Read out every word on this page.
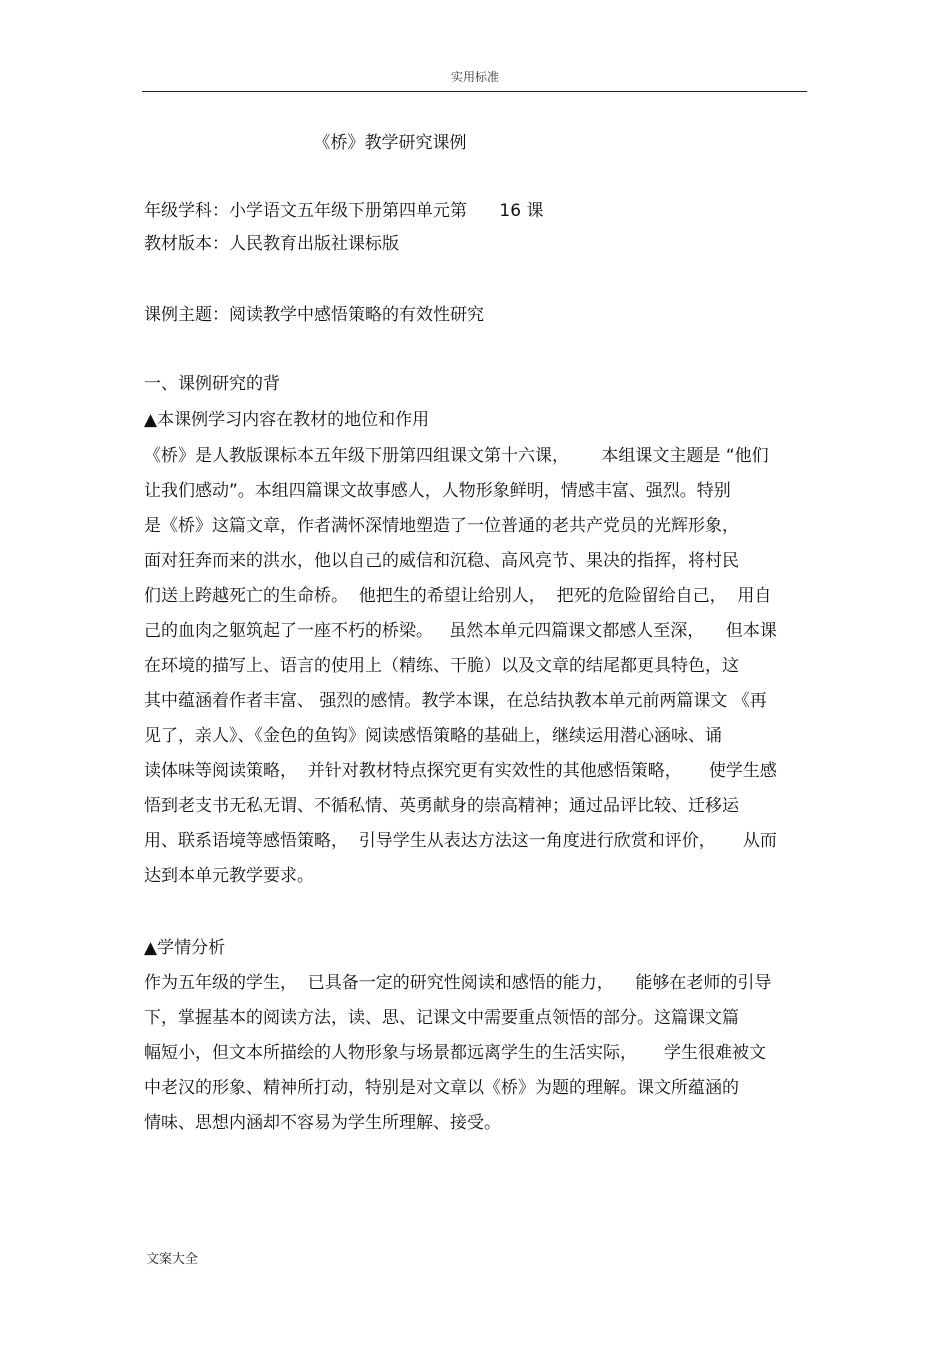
实用标准
《桥》教学研究课例
年级学科：小学语文五年级下册第四单元第      16 课
教材版本：人民教育出版社课标版
课例主题：阅读教学中感悟策略的有效性研究
一、课例研究的背
▲本课例学习内容在教材的地位和作用
《桥》是人教版课标本五年级下册第四组课文第十六课，      本组课文主题是 “他们
让我们感动”。本组四篇课文故事感人，人物形象鲜明，情感丰富、强烈。特别
是《桥》这篇文章，作者满怀深情地塑造了一位普通的老共产党员的光辉形象，
面对狂奔而来的洪水，他以自己的威信和沉稳、高风亮节、果决的指挥，将村民
们送上跨越死亡的生命桥。  他把生的希望让给别人，  把死的危险留给自己，  用自
己的血肉之躯筑起了一座不朽的桥梁。   虽然本单元四篇课文都感人至深，    但本课
在环境的描写上、语言的使用上（精练、干脆）以及文章的结尾都更具特色，这
其中蕴涵着作者丰富、 强烈的感情。教学本课，在总结执教本单元前两篇课文 《再
见了，亲人》、《金色的鱼钩》阅读感悟策略的基础上，继续运用潜心涵咏、诵
读体味等阅读策略，  并针对教材特点探究更有实效性的其他感悟策略，     使学生感
悟到老支书无私无谓、不循私情、英勇献身的崇高精神；通过品评比较、迁移运
用、联系语境等感悟策略，  引导学生从表达方法这一角度进行欣赏和评价，     从而
达到本单元教学要求。
▲学情分析
作为五年级的学生，  已具备一定的研究性阅读和感悟的能力，    能够在老师的引导
下，掌握基本的阅读方法，读、思、记课文中需要重点领悟的部分。这篇课文篇
幅短小，但文本所描绘的人物形象与场景都远离学生的生活实际，     学生很难被文
中老汉的形象、精神所打动，特别是对文章以《桥》为题的理解。课文所蕴涵的
情味、思想内涵却不容易为学生所理解、接受。
文案大全
